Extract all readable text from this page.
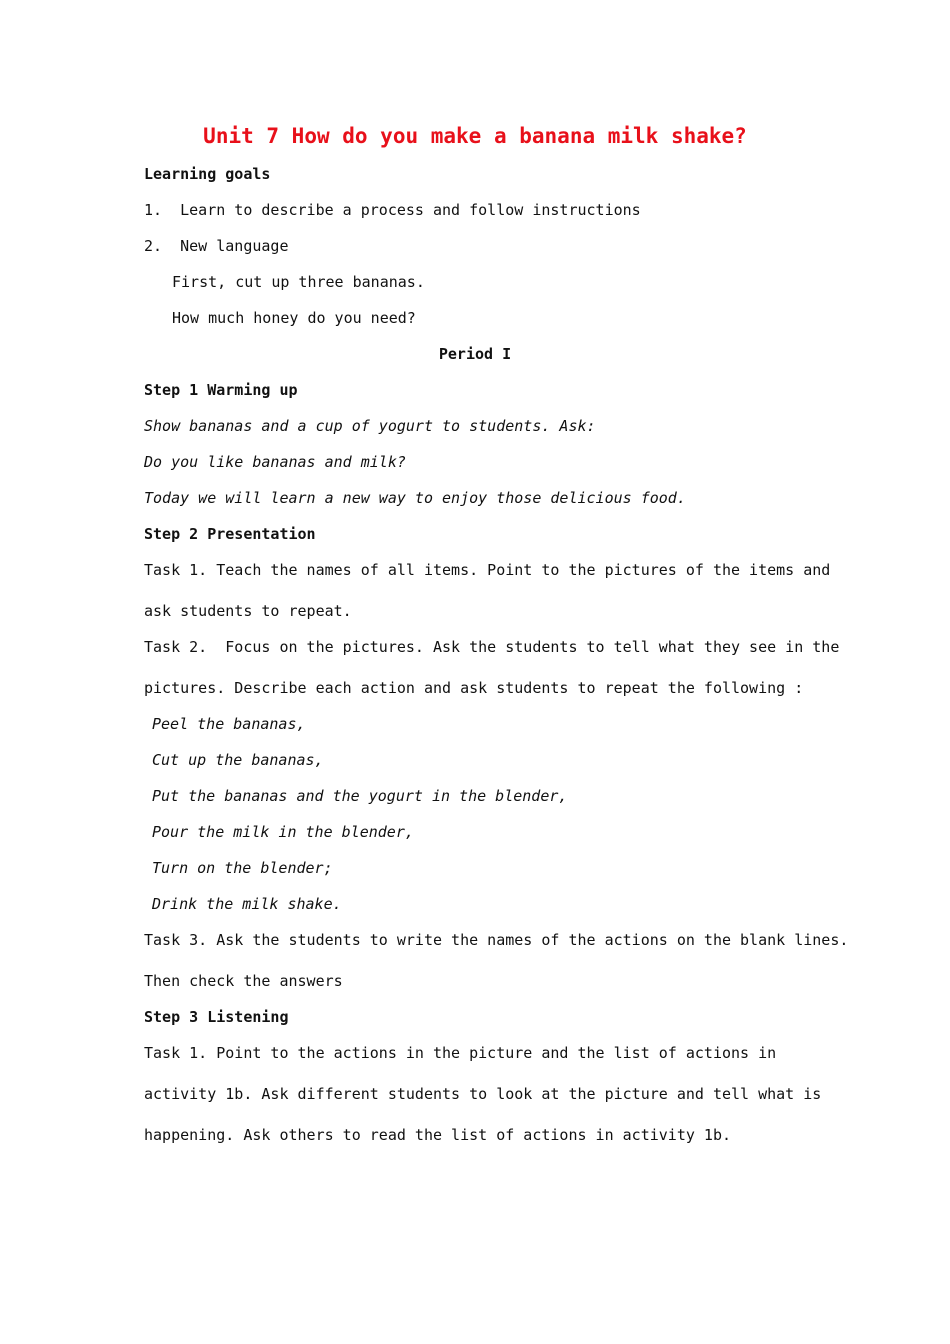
Unit 7 How do you make a banana milk shake?
Learning goals
1.  Learn to describe a process and follow instructions
2.  New language
First, cut up three bananas.
How much honey do you need?
Period I
Step 1 Warming up
Show bananas and a cup of yogurt to students. Ask:
Do you like bananas and milk?
Today we will learn a new way to enjoy those delicious food.
Step 2 Presentation
Task 1. Teach the names of all items. Point to the pictures of the items and
ask students to repeat.
Task 2.  Focus on the pictures. Ask the students to tell what they see in the
pictures. Describe each action and ask students to repeat the following :
Peel the bananas,
Cut up the bananas,
Put the bananas and the yogurt in the blender,
Pour the milk in the blender,
Turn on the blender;
Drink the milk shake.
Task 3. Ask the students to write the names of the actions on the blank lines.
Then check the answers
Step 3 Listening
Task 1. Point to the actions in the picture and the list of actions in
activity 1b. Ask different students to look at the picture and tell what is
happening. Ask others to read the list of actions in activity 1b.
